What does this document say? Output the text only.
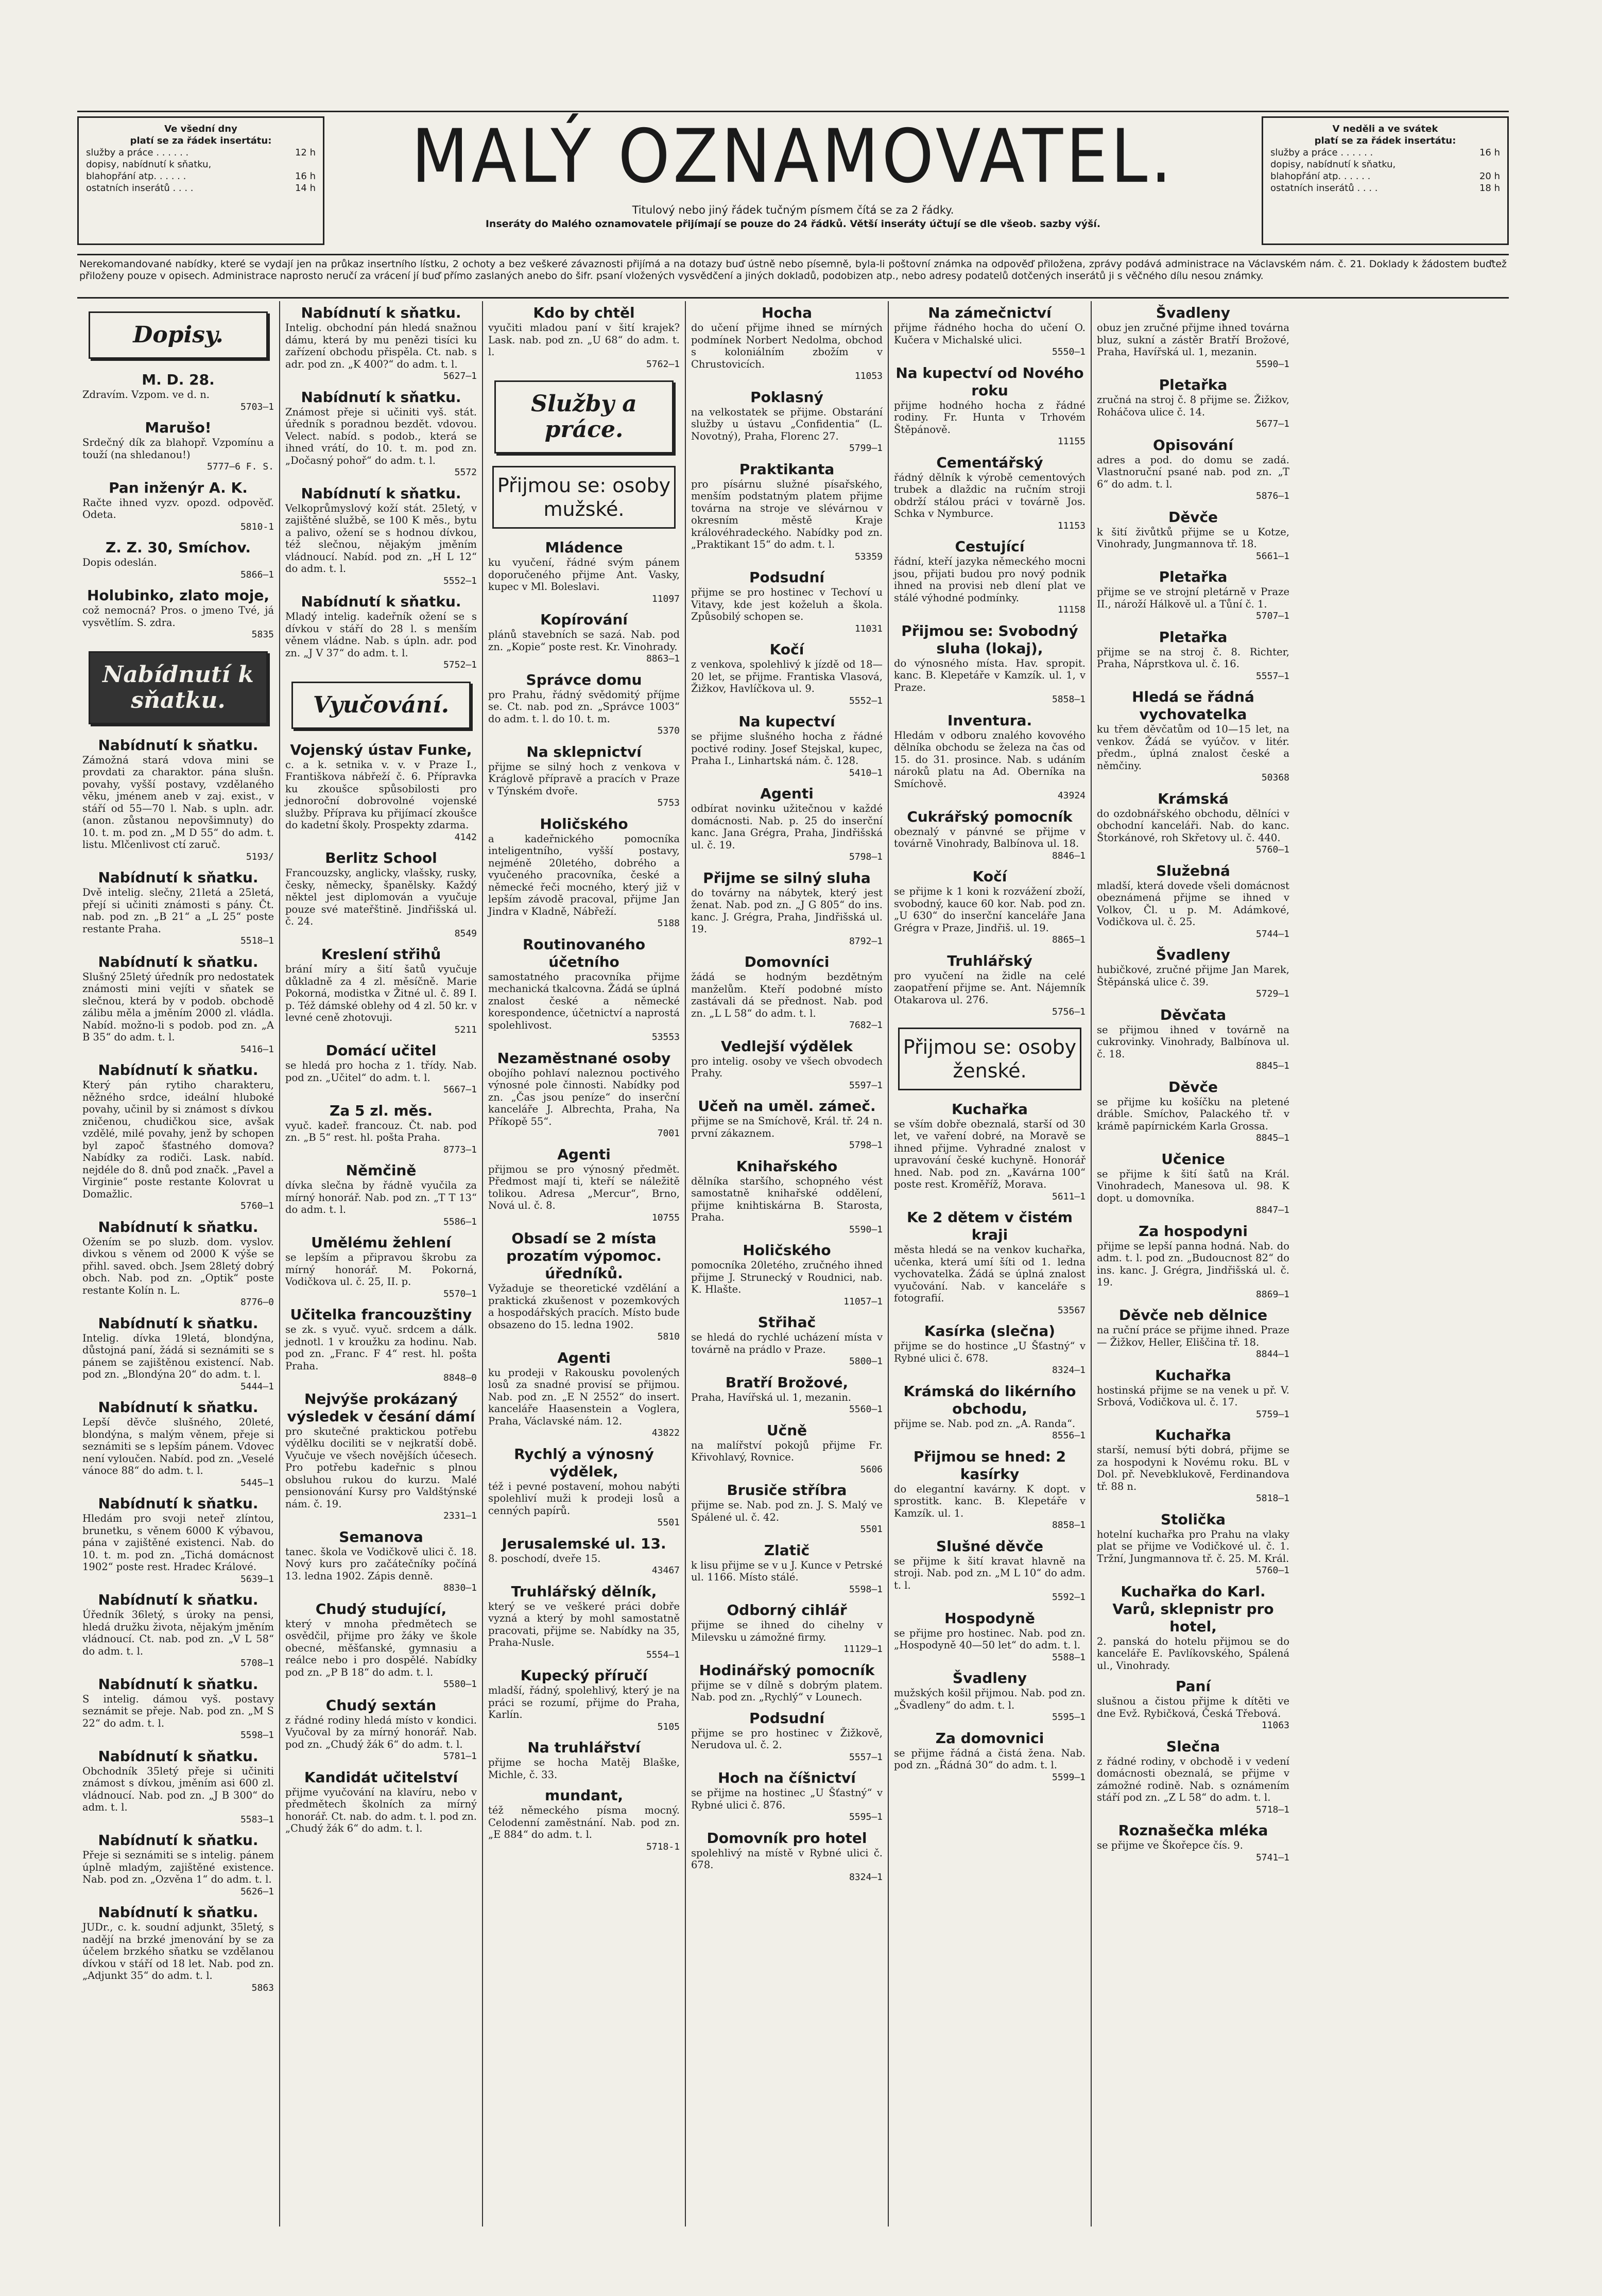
Ve všední dny
platí se za řádek insertátu:
služby a práce . . . . . .	12 h
dopisy, nabídnutí k sňatku,
blahopřání atp. . . . . .	16 h
ostatních inserátů . . . .	14 h	MALÝ OZNAMOVATEL.
Titulový nebo jiný řádek tučným písmem čítá se za 2 řádky.
Inseráty do Malého oznamovatele přijímají se pouze do 24 řádků. Větší inseráty účtují se dle všeob. sazby výší.
V neděli a ve svátek
platí se za řádek insertátu:
služby a práce . . . . . .	16 h
dopisy, nabídnutí k sňatku,
blahopřání atp. . . . . .	20 h
ostatních inserátů . . . .	18 h
Nerekomandované nabídky, které se vydají jen na průkaz insertního lístku, 2 ochoty a bez veškeré závaznosti přijímá a na dotazy buď ústně nebo písemně, byla-li poštovní známka na odpověď přiložena, zprávy podává administrace na Václavském nám. č. 21. Doklady k žádostem buďtež přiloženy pouze v opisech. Administrace naprosto neručí za vrácení jí buď přímo zaslaných anebo do šifr. psaní vložených vysvědčení a jiných dokladů, podobizen atp., nebo adresy podatelů dotčených inserátů ji s věčného dílu nesou známky.
Dopisy.
M. D. 28.
Zdravím. Vzpom. ve d. n.
5703—1
Marušo!
Srdečný dík za blahopř. Vzpomínu a touží (na shledanou!)
5777—6 F. S.
Pan inženýr A. K.
Račte ihned vyzv. opozd. odpověď. Odeta.
5810-1
Z. Z. 30, Smíchov.
Dopis odeslán.
5866—1
Holubinko, zlato moje,
což nemocná? Pros. o jmeno Tvé, já vysvětlím. S. zdra.
5835
Nabídnutí k sňatku.
Nabídnutí k sňatku.
Zámožná stará vdova mini se provdati za charaktor. pána slušn. povahy, vyšší postavy, vzdělaného věku, jménem aneb v zaj. exist., v stáří od 55—70 l. Nab. s upln. adr. (anon. zůstanou nepovšimnuty) do 10. t. m. pod zn. „M D 55“ do adm. t. listu. Mlčenlivost ctí zaruč.
5193/
Nabídnutí k sňatku.
Dvě intelig. slečny, 21letá a 25letá, přejí si učiniti známosti s pány. Čt. nab. pod zn. „B 21“ a „L 25“ poste restante Praha.
5518—1
Nabídnutí k sňatku.
Slušný 25letý úředník pro nedostatek známosti mini vejíti v sňatek se slečnou, která by v podob. obchodě zálibu měla a jměním 2000 zl. vládla. Nabíd. možno-li s podob. pod zn. „A B 35“ do adm. t. l.
5416—1
Nabídnutí k sňatku.
Který pán rytiho charakteru, něžného srdce, ideální hluboké povahy, učinil by si známost s dívkou zničenou, chudičkou sice, avšak vzdělé, milé povahy, jenž by schopen byl započ šťastného domova? Nabídky za rodiči. Lask. nabíd. nejdéle do 8. dnů pod značk. „Pavel a Virginie“ poste restante Kolovrat u Domažlic.
5760—1
Nabídnutí k sňatku.
Ožením se po sluzb. dom. vyslov. divkou s věnem od 2000 K výše se přihl. saved. obch. Jsem 28letý dobrý obch. Nab. pod zn. „Optik“ poste restante Kolín n. L.
8776—0
Nabídnutí k sňatku.
Intelig. dívka 19letá, blondýna, důstojná paní, žádá si seznámiti se s pánem se zajištěnou existencí. Nab. pod zn. „Blondýna 20“ do adm. t. l.
5444—1
Nabídnutí k sňatku.
Lepší děvče slušného, 20leté, blondýna, s malým věnem, přeje si seznámiti se s lepším pánem. Vdovec není vyloučen. Nabíd. pod zn. „Veselé vánoce 88“ do adm. t. l.
5445—1
Nabídnutí k sňatku.
Hledám pro svoji neteř zlíntou, brunetku, s věnem 6000 K výbavou, pána v zajištěné existenci. Nab. do 10. t. m. pod zn. „Tichá domácnost 1902“ poste rest. Hradec Králové.
5639—1
Nabídnutí k sňatku.
Úředník 36letý, s úroky na pensi, hledá družku života, nějakým jměním vládnoucí. Ct. nab. pod zn. „V L 58“ do adm. t. l.
5708—1
Nabídnutí k sňatku.
S intelig. dámou vyš. postavy seznámit se přeje. Nab. pod zn. „M S 22“ do adm. t. l.
5598—1
Nabídnutí k sňatku.
Obchodník 35letý přeje si učiniti známost s dívkou, jměním asi 600 zl. vládnoucí. Nab. pod zn. „J B 300“ do adm. t. l.
5583—1
Nabídnutí k sňatku.
Přeje si seznámiti se s intelig. pánem úplně mladým, zajištěné existence. Nab. pod zn. „Ozvěna 1“ do adm. t. l.
5626—1
Nabídnutí k sňatku.
JUDr., c. k. soudní adjunkt, 35letý, s nadějí na brzké jmenování by se za účelem brzkého sňatku se vzdělanou dívkou v stáří od 18 let. Nab. pod zn. „Adjunkt 35“ do adm. t. l.
5863
Nabídnutí k sňatku.
Intelig. obchodní pán hledá snažnou dámu, která by mu penězi tisíci ku zařízení obchodu přispěla. Ct. nab. s adr. pod zn. „K 400?“ do adm. t. l.
5627—1
Nabídnutí k sňatku.
Známost přeje si učiniti vyš. stát. úředník s poradnou bezdět. vdovou. Velect. nabíd. s podob., která se ihned vrátí, do 10. t. m. pod zn. „Dočasný pohoř“ do adm. t. l.
5572
Nabídnutí k sňatku.
Velkoprůmyslový koží stát. 25letý, v zajištěné službě, se 100 K měs., bytu a palivo, ožení se s hodnou dívkou, též slečnou, nějakým jměním vládnoucí. Nabíd. pod zn. „H L 12“ do adm. t. l.
5552—1
Nabídnutí k sňatku.
Mladý intelig. kadeřník ožení se s dívkou v stáří do 28 l. s menším věnem vládne. Nab. s úpln. adr. pod zn. „J V 37“ do adm. t. l.
5752—1
Vyučování.
Vojenský ústav Funke,
c. a k. setnika v. v. v Praze I., Františkova nábřeží č. 6. Přípravka ku zkoušce spůsobilosti pro jednoroční dobrovolné vojenské služby. Příprava ku přijímací zkoušce do kadetní školy. Prospekty zdarma.
4142
Berlitz School
Francouzsky, anglicky, vlašsky, rusky, česky, německy, španělsky. Každý něktel jest diplomován a vyučuje pouze své mateřštině. Jindřišská ul. č. 24.
8549
Kreslení střihů
brání míry a šití šatů vyučuje důkladně za 4 zl. měsíčně. Marie Pokorná, modistka v Žitné ul. č. 89 I. p. Též dámské oblehy od 4 zl. 50 kr. v levné ceně zhotovuji.
5211
Domácí učitel
se hledá pro hocha z 1. třídy. Nab. pod zn. „Učitel“ do adm. t. l.
5667—1
Za 5 zl. měs.
vyuč. kadeř. francouz. Čt. nab. pod zn. „B 5“ rest. hl. pošta Praha.
8773—1
Němčině
dívka slečna by řádně vyučila za mírný honorář. Nab. pod zn. „T T 13“ do adm. t. l.
5586—1
Umělému žehlení
se lepším a připravou škrobu za mírný honorář. M. Pokorná, Vodičkova ul. č. 25, II. p.
5570—1
Učitelka francouzštiny
se zk. s vyuč. vyuč. srdcem a dálk. jednotl. 1 v kroužku za hodinu. Nab. pod zn. „Franc. F 4“ rest. hl. pošta Praha.
8848—0
Nejvýše prokázaný výsledek v česání dámí
pro skutečné praktickou potřebu výdělku dociliti se v nejkratší době. Vyučuje ve všech novějších účesech. Pro potřebu kadeřnic s plnou obsluhou rukou do kurzu. Malé pensionování Kursy pro Valdštýnské nám. č. 19.
2331—1
Semanova
tanec. škola ve Vodičkově ulici č. 18. Nový kurs pro začátečníky počíná 13. ledna 1902. Zápis denně.
8830—1
Chudý studující,
který v mnoha předmětech se osvědčil, přijme pro žáky ve škole obecné, měšťanské, gymnasiu a reálce nebo i pro dospělé. Nabídky pod zn. „P B 18“ do adm. t. l.
5580—1
Chudý sextán
z řádné rodiny hledá místo v kondici. Vyučoval by za mírný honorář. Nab. pod zn. „Chudý žák 6“ do adm. t. l.
5781—1
Kandidát učitelství
přijme vyučování na klavíru, nebo v předmětech školních za mírný honorář. Ct. nab. do adm. t. l. pod zn. „Chudý žák 6“ do adm. t. l.
Kdo by chtěl
vyučiti mladou paní v šití krajek? Lask. nab. pod zn. „U 68“ do adm. t. l.
5762—1
Služby a práce.
Přijmou se: osoby mužské.
Mládence
ku vyučení, řádné svým pánem doporučeného přijme Ant. Vasky, kupec v Ml. Boleslavi.
11097
Kopírování
plánů stavebních se sazá. Nab. pod zn. „Kopie“ poste rest. Kr. Vinohrady.
8863—1
Správce domu
pro Prahu, řádný svědomitý příjme se. Ct. nab. pod zn. „Správce 1003“ do adm. t. l. do 10. t. m.
5370
Na sklepnictví
přijme se silný hoch z venkova v Kráglově přípravě a pracích v Praze v Týnském dvoře.
5753
Holičského
a kadeřnického pomocníka inteligentního, vyšší postavy, nejméně 20letého, dobrého a vyučeného pracovníka, české a německé řeči mocného, který již v lepším závodě pracoval, přijme Jan Jindra v Kladně, Nábřeží.
5188
Routinovaného účetního
samostatného pracovníka přijme mechanická tkalcovna. Žádá se úplná znalost české a německé korespondence, účetnictví a naprostá spolehlivost.
53553
Nezaměstnané osoby
obojího pohlaví naleznou poctivého výnosné pole činnosti. Nabídky pod zn. „Čas jsou peníze“ do inserční kanceláře J. Albrechta, Praha, Na Příkopě 55“.
7001
Agenti
přijmou se pro výnosný předmět. Předmost mají ti, kteří se náležitě tolikou. Adresa „Mercur“, Brno, Nová ul. č. 8.
10755
Obsadí se 2 místa prozatím výpomoc. úředníků.
Vyžaduje se theoretické vzdělání a praktická zkušenost v pozemkových a hospodářských pracích. Místo bude obsazeno do 15. ledna 1902.
5810
Agenti
ku prodeji v Rakousku povolených losů za snadné provisí se přijmou. Nab. pod zn. „E N 2552“ do insert. kanceláře Haasenstein a Voglera, Praha, Václavské nám. 12.
43822
Rychlý a výnosný výdělek,
též i pevné postavení, mohou nabýti spolehliví muži k prodeji losů a cenných papírů.
5501
Jerusalemské ul. 13.
8. poschodí, dveře 15.
43467
Truhlářský dělník,
který se ve veškeré práci dobře vyzná a který by mohl samostatně pracovati, přijme se. Nabídky na 35, Praha-Nusle.
5554—1
Kupecký příručí
mladší, řádný, spolehlivý, který je na práci se rozumí, přijme do Praha, Karlín.
5105
Na truhlářství
přijme se hocha Matěj Blaške, Michle, č. 33.
mundant,
též německého písma mocný. Celodenní zaměstnání. Nab. pod zn. „E 884“ do adm. t. l.
5718-1
Hocha
do učení přijme ihned se mírných podmínek Norbert Nedolma, obchod s koloniálním zbožím v Chrustovicích.
11053
Poklasný
na velkostatek se přijme. Obstarání služby u ústavu „Confidentia“ (L. Novotný), Praha, Florenc 27.
5799—1
Praktikanta
pro písárnu služné písařského, menším podstatným platem přijme továrna na stroje ve slévárnou v okresním městě Kraje královéhradeckého. Nabídky pod zn. „Praktikant 15“ do adm. t. l.
53359
Podsudní
přijme se pro hostinec v Techoví u Vitavy, kde jest koželuh a škola. Způsobilý schopen se.
11031
Kočí
z venkova, spolehlivý k jízdě od 18—20 let, se přijme. Frantiska Vlasová, Žižkov, Havlíčkova ul. 9.
5552—1
Na kupectví
se přijme slušného hocha z řádné poctivé rodiny. Josef Stejskal, kupec, Praha I., Linhartská nám. č. 128.
5410—1
Agenti
odbírat novinku užitečnou v každé domácnosti. Nab. p. 25 do inserční kanc. Jana Grégra, Praha, Jindřišská ul. č. 19.
5798—1
Přijme se silný sluha
do továrny na nábytek, který jest ženat. Nab. pod zn. „J G 805“ do ins. kanc. J. Grégra, Praha, Jindřišská ul. 19.
8792—1
Domovníci
žádá se hodným bezdětným manželům. Kteří podobné místo zastávali dá se přednost. Nab. pod zn. „L L 58“ do adm. t. l.
7682—1
Vedlejší výdělek
pro intelig. osoby ve všech obvodech Prahy.
5597—1
Učeň na uměl. zámeč.
přijme se na Smíchově, Král. tř. 24 n. první zákaznem.
5798—1
Knihařského
dělníka staršího, schopného vést samostatně knihařské oddělení, přijme knihtiskárna B. Starosta, Praha.
5590—1
Holičského
pomocníka 20letého, zručného ihned přijme J. Strunecký v Roudnici, nab. K. Hlašte.
11057—1
Střihač
se hledá do rychlé ucházení místa v továrně na prádlo v Praze.
5800—1
Bratří Brožové,
Praha, Havířská ul. 1, mezanin.
5560—1
Učně
na malířství pokojů přijme Fr. Křivohlavý, Rovnice.
5606
Brusiče stříbra
přijme se. Nab. pod zn. J. S. Malý ve Spálené ul. č. 42.
5501
Zlatič
k lisu přijme se v u J. Kunce v Petrské ul. 1166. Místo stálé.
5598—1
Odborný cihlář
přijme se ihned do cihelny v Milevsku u zámožné firmy.
11129—1
Hodinářský pomocník
přijme se v dílně s dobrým platem. Nab. pod zn. „Rychlý“ v Lounech.
Podsudní
přijme se pro hostinec v Žižkově, Nerudova ul. č. 2.
5557—1
Hoch na číšnictví
se přijme na hostinec „U Šťastný“ v Rybné ulici č. 876.
5595—1
Domovník pro hotel
spolehlivý na místě v Rybné ulici č. 678.
8324—1
Na zámečnictví
přijme řádného hocha do učení O. Kučera v Michalské ulici.
5550—1
Na kupectví od Nového roku
přijme hodného hocha z řádné rodiny. Fr. Hunta v Trhovém Štěpánově.
11155
Cementářský
řádný dělník k výrobě cementových trubek a dlaždic na ručním stroji obdrží stálou práci v továrně Jos. Schka v Nymburce.
11153
Cestující
řádní, kteří jazyka německého mocni jsou, přijati budou pro nový podnik ihned na provisi neb dlení plat ve stálé výhodné podmínky.
11158
Přijmou se: Svobodný sluha (lokaj),
do výnosného místa. Hav. spropit. kanc. B. Klepetáře v Kamzík. ul. 1, v Praze.
5858—1
Inventura.
Hledám v odboru znalého kovového dělníka obchodu se železa na čas od 15. do 31. prosince. Nab. s udáním nároků platu na Ad. Oberníka na Smíchově.
43924
Cukrářský pomocník
obeznalý v pánvné se přijme v továrně Vinohrady, Balbínova ul. 18.
8846—1
Kočí
se přijme k 1 koni k rozvážení zboží, svobodný, kauce 60 kor. Nab. pod zn. „U 630“ do inserční kanceláře Jana Grégra v Praze, Jindřiš. ul. 19.
8865—1
Truhlářský
pro vyučení na židle na celé zaopatření přijme se. Ant. Nájemník Otakarova ul. 276.
5756—1
Přijmou se: osoby ženské.
Kuchařka
se vším dobře obeznalá, starší od 30 let, ve vaření dobré, na Moravě se ihned přijme. Vyhradné znalost v upravování české kuchyně. Honorář hned. Nab. pod zn. „Kavárna 100“ poste rest. Kroměříž, Morava.
5611—1
Ke 2 dětem v čistém kraji
města hledá se na venkov kuchařka, učenka, která umí šíti od 1. ledna vychovatelka. Žádá se úplná znalost vyučování. Nab. v kanceláře s fotografií.
53567
Kasírka (slečna)
přijme se do hostince „U Šťastný“ v Rybné ulici č. 678.
8324—1
Krámská do likérního obchodu,
přijme se. Nab. pod zn. „A. Randa“.
8556—1
Přijmou se hned: 2 kasírky
do elegantní kavárny. K dopt. v sprostitk. kanc. B. Klepetáře v Kamzík. ul. 1.
8858—1
Slušné děvče
se přijme k šití kravat hlavně na stroji. Nab. pod zn. „M L 10“ do adm. t. l.
5592—1
Hospodyně
se přijme pro hostinec. Nab. pod zn. „Hospodyně 40—50 let“ do adm. t. l.
5588—1
Švadleny
mužských košil přijmou. Nab. pod zn. „Švadleny“ do adm. t. l.
5595—1
Za domovnici
se přijme řádná a čistá žena. Nab. pod zn. „Řádná 30“ do adm. t. l.
5599—1
Švadleny
obuz jen zručné přijme ihned továrna bluz, sukní a zástěr Bratří Brožové, Praha, Havířská ul. 1, mezanin.
5590—1
Pletařka
zručná na stroj č. 8 přijme se. Žižkov, Roháčova ulice č. 14.
5677—1
Opisování
adres a pod. do domu se zadá. Vlastnoruční psané nab. pod zn. „T 6“ do adm. t. l.
5876—1
Děvče
k šití živůtků přijme se u Kotze, Vinohrady, Jungmannova tř. 18.
5661—1
Pletařka
přijme se ve strojní pletárně v Praze II., nároží Hálkově ul. a Tůní č. 1.
5707—1
Pletařka
přijme se na stroj č. 8. Richter, Praha, Náprstkova ul. č. 16.
5557—1
Hledá se řádná vychovatelka
ku třem děvčatům od 10—15 let, na venkov. Žádá se vyúčov. v litér. předm., úplná znalost české a němčiny.
50368
Krámská
do ozdobnářského obchodu, dělníci v obchodní kanceláři. Nab. do kanc. Štorkánové, roh Skřetovy ul. č. 440.
5760—1
Služebná
mladší, která dovede všeli domácnost obeznámená přijme se ihned v Volkov, Čl. u p. M. Adámkové, Vodičkova ul. č. 25.
5744—1
Švadleny
hubičkové, zručné přijme Jan Marek, Štěpánská ulice č. 39.
5729—1
Děvčata
se přijmou ihned v továrně na cukrovinky. Vinohrady, Balbínova ul. č. 18.
8845—1
Děvče
se přijme ku košíčku na pletené dráble. Smíchov, Palackého tř. v krámě papírnickém Karla Grossa.
8845—1
Učenice
se přijme k šití šatů na Král. Vinohradech, Manesova ul. 98. K dopt. u domovníka.
8847—1
Za hospodyni
přijme se lepší panna hodná. Nab. do adm. t. l. pod zn. „Budoucnost 82“ do ins. kanc. J. Grégra, Jindřišská ul. č. 19.
8869—1
Děvče neb dělnice
na ruční práce se přijme ihned. Praze — Žižkov, Heller, Eliščina tř. 18.
8844—1
Kuchařka
hostinská přijme se na venek u př. V. Srbová, Vodičkova ul. č. 17.
5759—1
Kuchařka
starší, nemusí býti dobrá, přijme se za hospodyni k Novému roku. BL v Dol. př. Nevebklukově, Ferdinandova tř. 88 n.
5818—1
Stolička
hotelní kuchařka pro Prahu na vlaky plat se přijme ve Vodičkové ul. č. 1. Tržní, Jungmannova tř. č. 25. M. Král.
5760—1
Kuchařka do Karl. Varů, sklepnistr pro hotel,
2. panská do hotelu přijmou se do kanceláře E. Pavlíkovského, Spálená ul., Vinohrady.
Paní
slušnou a čistou přijme k dítěti ve dne Evž. Rybičková, Česká Třebová.
11063
Slečna
z řádné rodiny, v obchodě i v vedení domácnosti obeznalá, se přijme v zámožné rodině. Nab. s oznámením stáří pod zn. „Z L 58“ do adm. t. l.
5718—1
Roznašečka mléka
se přijme ve Škořepce čís. 9.
5741—1
